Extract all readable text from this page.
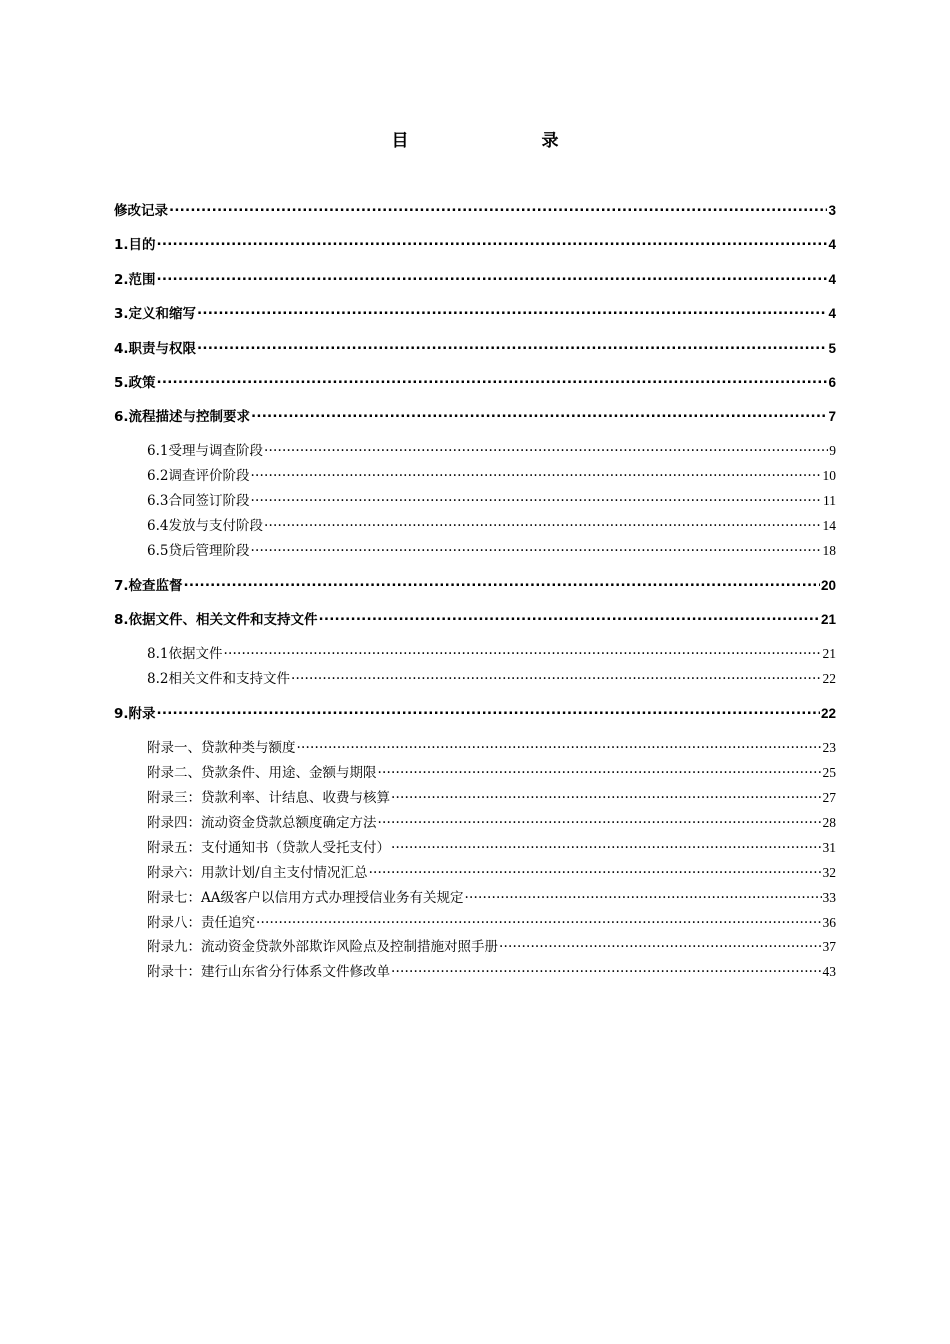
目　录
修改记录 .....	3
1.目的 .....	4
2.范围 .....	4
3.定义和缩写 .....	4
4.职责与权限 .....	5
5.政策 .....	6
6.流程描述与控制要求 .....	7
6.1受理与调查阶段 .....	9
6.2调查评价阶段 .....	10
6.3合同签订阶段 .....	11
6.4发放与支付阶段 .....	14
6.5贷后管理阶段 .....	18
7.检查监督 .....	20
8.依据文件、相关文件和支持文件 .....	21
8.1依据文件 .....	21
8.2相关文件和支持文件 .....	22
9.附录 .....	22
附录一、贷款种类与额度 .....	23
附录二、贷款条件、用途、金额与期限 .....	25
附录三：贷款利率、计结息、收费与核算 .....	27
附录四：流动资金贷款总额度确定方法 .....	28
附录五：支付通知书（贷款人受托支付） .....	31
附录六：用款计划/自主支付情况汇总 .....	32
附录七：AA级客户以信用方式办理授信业务有关规定 .....	33
附录八：责任追究 .....	36
附录九：流动资金贷款外部欺诈风险点及控制措施对照手册 .....	37
附录十：建行山东省分行体系文件修改单 .....	43
